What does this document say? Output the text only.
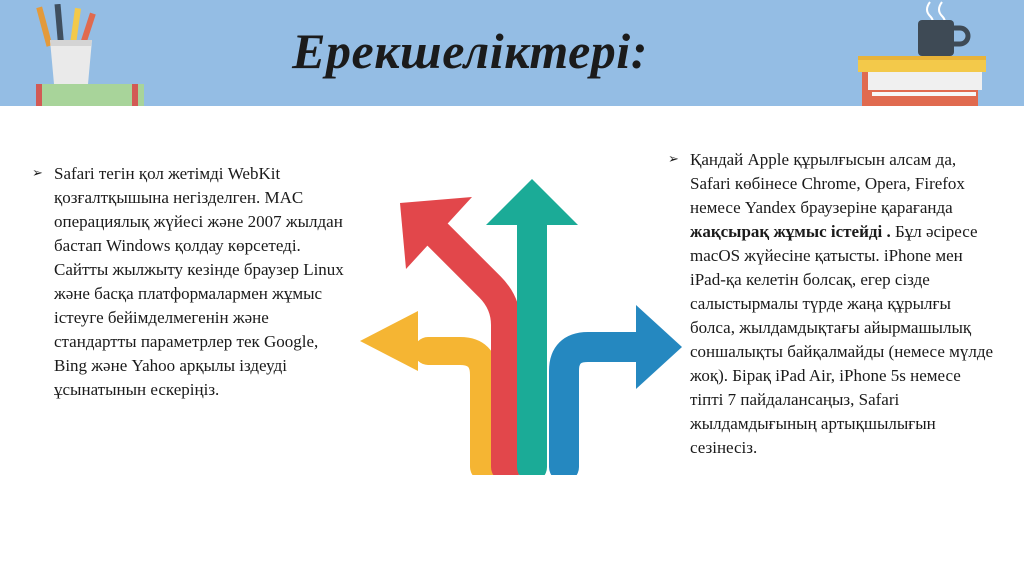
Ерекшеліктері:
➢ Safari тегін қол жетімді WebKit қозғалтқышына негізделген. MAC операциялық жүйесі және 2007 жылдан бастап Windows қолдау көрсетеді. Сайтты жылжыту кезінде браузер Linux және басқа платформалармен жұмыс істеуге бейімделмегенін және стандартты параметрлер тек Google, Bing және Yahoo арқылы іздеуді ұсынатынын ескеріңіз.
➢ Қандай Apple құрылғысын алсам да, Safari көбінесе Chrome, Opera, Firefox немесе Yandex браузеріне қарағанда жақсырақ жұмыс істейді . Бұл әсіресе macOS жүйесіне қатысты. iPhone мен iPad-қа келетін болсақ, егер сізде салыстырмалы түрде жаңа құрылғы болса, жылдамдықтағы айырмашылық соншалықты байқалмайды (немесе мүлде жоқ). Бірақ iPad Air, iPhone 5s немесе тіпті 7 пайдалансаңыз, Safari жылдамдығының артықшылығын сезінесіз.
